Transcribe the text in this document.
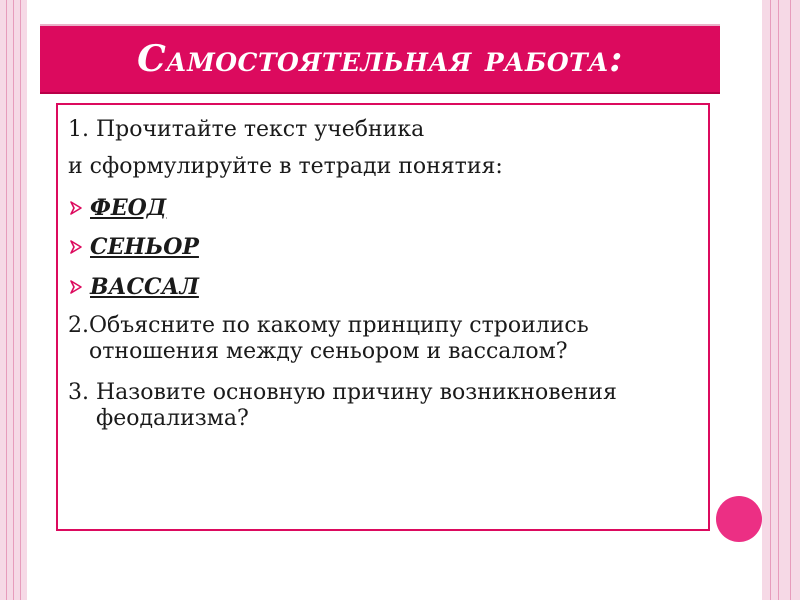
Самостоятельная работа:

1. Прочитайте текст учебника

и сформулируйте в тетради понятия:

ФЕОД
СЕНЬОР
ВАССАЛ
2. Объясните по какому принципу строились отношения между сеньором и вассалом?
3. Назовите основную причину возникновения феодализма?
